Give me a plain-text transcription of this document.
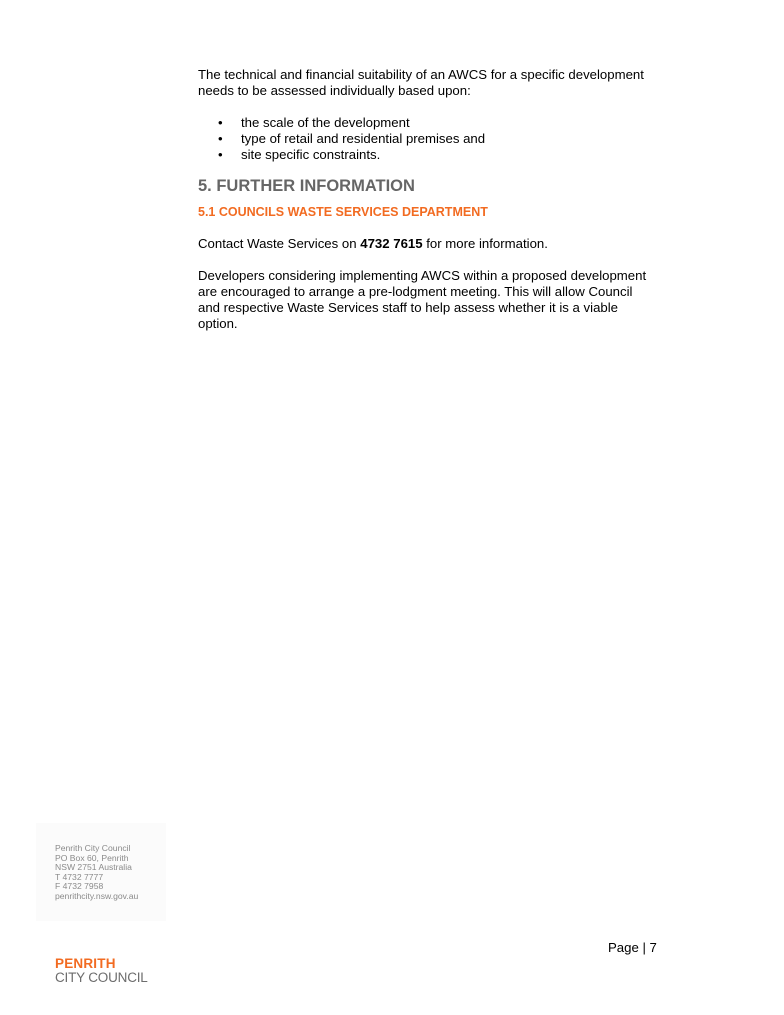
The technical and financial suitability of an AWCS for a specific development
needs to be assessed individually based upon:

• the scale of the development
• type of retail and residential premises and
• site specific constraints.
5. FURTHER INFORMATION
5.1 COUNCILS WASTE SERVICES DEPARTMENT

Contact Waste Services on 4732 7615 for more information.

Developers considering implementing AWCS within a proposed development
are encouraged to arrange a pre-lodgment meeting. This will allow Council
and respective Waste Services staff to help assess whether it is a viable
option.

Penrith City Council
PO Box 60, Penrith
NSW 2751 Australia
T 4732 7777
F 4732 7958
penrithcity.nsw.gov.au
Page | 7
PENRITH
CITY COUNCIL
